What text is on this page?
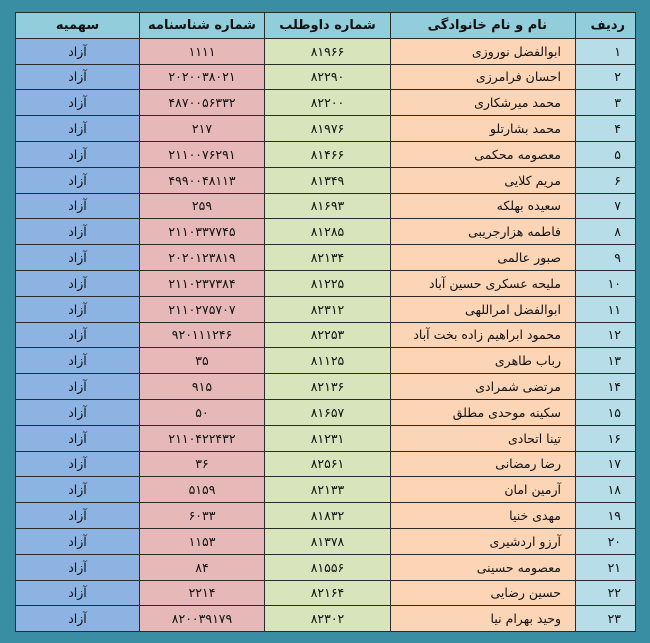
ردیف	نام و نام خانوادگی	شماره داوطلب	شماره شناسنامه	سهمیه
۱	ابوالفضل نوروزی	۸۱۹۶۶	۱۱۱۱	آزاد
۲	احسان فرامرزی	۸۲۲۹۰	۲۰۲۰۰۳۸۰۲۱	آزاد
۳	محمد میرشکاری	۸۲۲۰۰	۴۸۷۰۰۵۶۳۳۲	آزاد
۴	محمد بشارتلو	۸۱۹۷۶	۲۱۷	آزاد
۵	معصومه محکمی	۸۱۴۶۶	۲۱۱۰۰۷۶۲۹۱	آزاد
۶	مریم کلایی	۸۱۳۴۹	۴۹۹۰۰۴۸۱۱۳	آزاد
۷	سعیده بهلکه	۸۱۶۹۳	۲۵۹	آزاد
۸	فاطمه هزارجریبی	۸۱۲۸۵	۲۱۱۰۳۳۷۷۴۵	آزاد
۹	صبور عالمی	۸۲۱۳۴	۲۰۲۰۱۲۳۸۱۹	آزاد
۱۰	ملیحه عسکری حسین آباد	۸۱۲۲۵	۲۱۱۰۲۳۷۳۸۴	آزاد
۱۱	ابوالفضل امراللهی	۸۲۳۱۲	۲۱۱۰۲۷۵۷۰۷	آزاد
۱۲	محمود ابراهیم زاده بخت آباد	۸۲۲۵۳	۹۲۰۱۱۱۲۴۶	آزاد
۱۳	رباب طاهری	۸۱۱۲۵	۳۵	آزاد
۱۴	مرتضی شمرادی	۸۲۱۳۶	۹۱۵	آزاد
۱۵	سکینه موحدی مطلق	۸۱۶۵۷	۵۰	آزاد
۱۶	تینا اتحادی	۸۱۲۳۱	۲۱۱۰۴۲۲۴۳۲	آزاد
۱۷	رضا رمضانی	۸۲۵۶۱	۳۶	آزاد
۱۸	آرمین امان	۸۲۱۳۳	۵۱۵۹	آزاد
۱۹	مهدی خنیا	۸۱۸۳۲	۶۰۳۳	آزاد
۲۰	آرزو اردشیری	۸۱۳۷۸	۱۱۵۳	آزاد
۲۱	معصومه حسینی	۸۱۵۵۶	۸۴	آزاد
۲۲	حسین رضایی	۸۲۱۶۴	۲۲۱۴	آزاد
۲۳	وحید بهرام نیا	۸۲۳۰۲	۸۲۰۰۳۹۱۷۹	آزاد
